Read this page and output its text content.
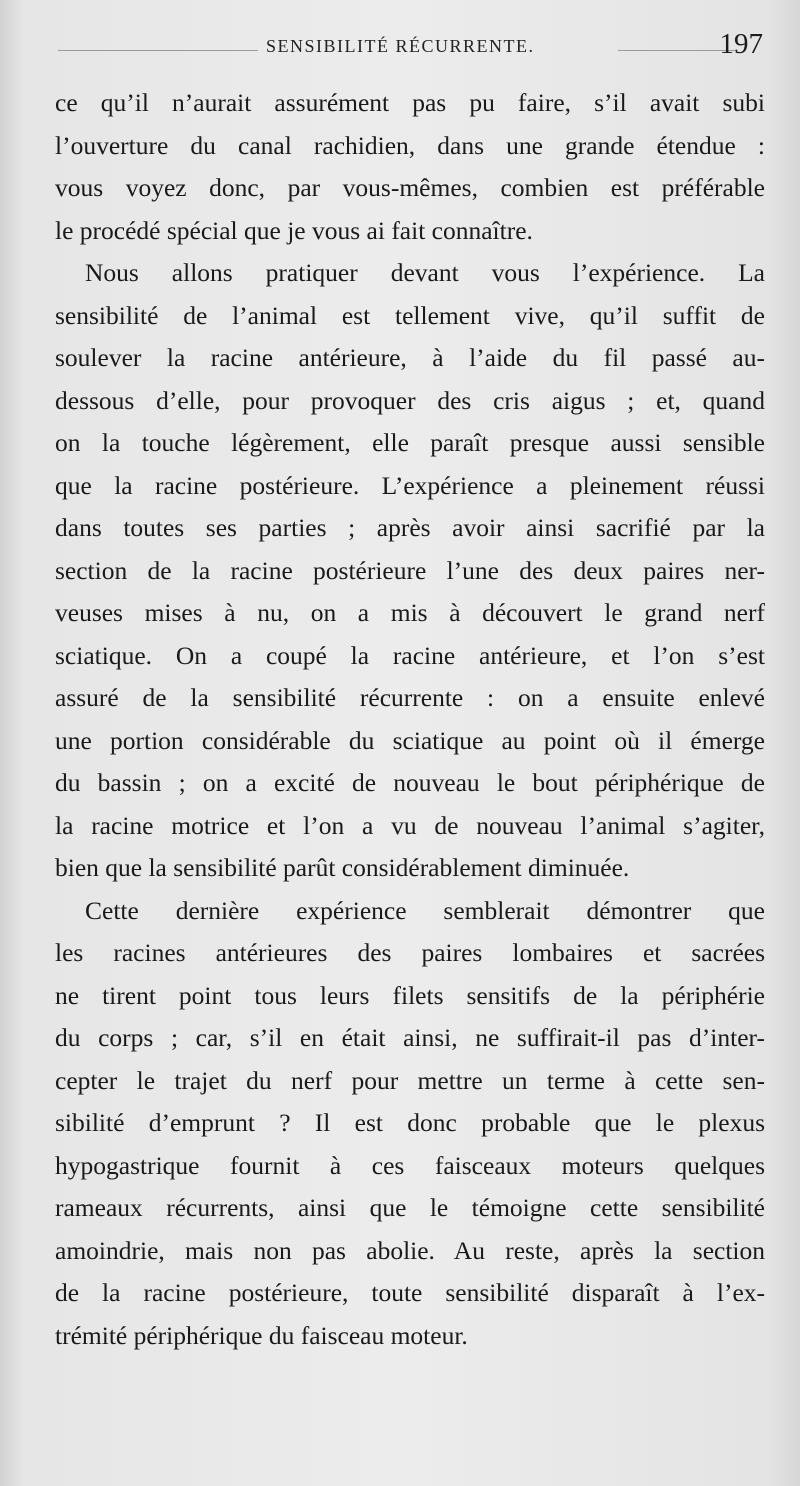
SENSIBILITÉ RÉCURRENTE.	197
ce qu’il n’aurait assurément pas pu faire, s’il avait subi
l’ouverture du canal rachidien, dans une grande étendue :
vous voyez donc, par vous-mêmes, combien est préférable
le procédé spécial que je vous ai fait connaître.
Nous allons pratiquer devant vous l’expérience. La
sensibilité de l’animal est tellement vive, qu’il suffit de
soulever la racine antérieure, à l’aide du fil passé au-
dessous d’elle, pour provoquer des cris aigus ; et, quand
on la touche légèrement, elle paraît presque aussi sensible
que la racine postérieure. L’expérience a pleinement réussi
dans toutes ses parties ; après avoir ainsi sacrifié par la
section de la racine postérieure l’une des deux paires ner-
veuses mises à nu, on a mis à découvert le grand nerf
sciatique. On a coupé la racine antérieure, et l’on s’est
assuré de la sensibilité récurrente : on a ensuite enlevé
une portion considérable du sciatique au point où il émerge
du bassin ; on a excité de nouveau le bout périphérique de
la racine motrice et l’on a vu de nouveau l’animal s’agiter,
bien que la sensibilité parût considérablement diminuée.
Cette dernière expérience semblerait démontrer que
les racines antérieures des paires lombaires et sacrées
ne tirent point tous leurs filets sensitifs de la périphérie
du corps ; car, s’il en était ainsi, ne suffirait-il pas d’inter-
cepter le trajet du nerf pour mettre un terme à cette sen-
sibilité d’emprunt ? Il est donc probable que le plexus
hypogastrique fournit à ces faisceaux moteurs quelques
rameaux récurrents, ainsi que le témoigne cette sensibilité
amoindrie, mais non pas abolie. Au reste, après la section
de la racine postérieure, toute sensibilité disparaît à l’ex-
trémité périphérique du faisceau moteur.
